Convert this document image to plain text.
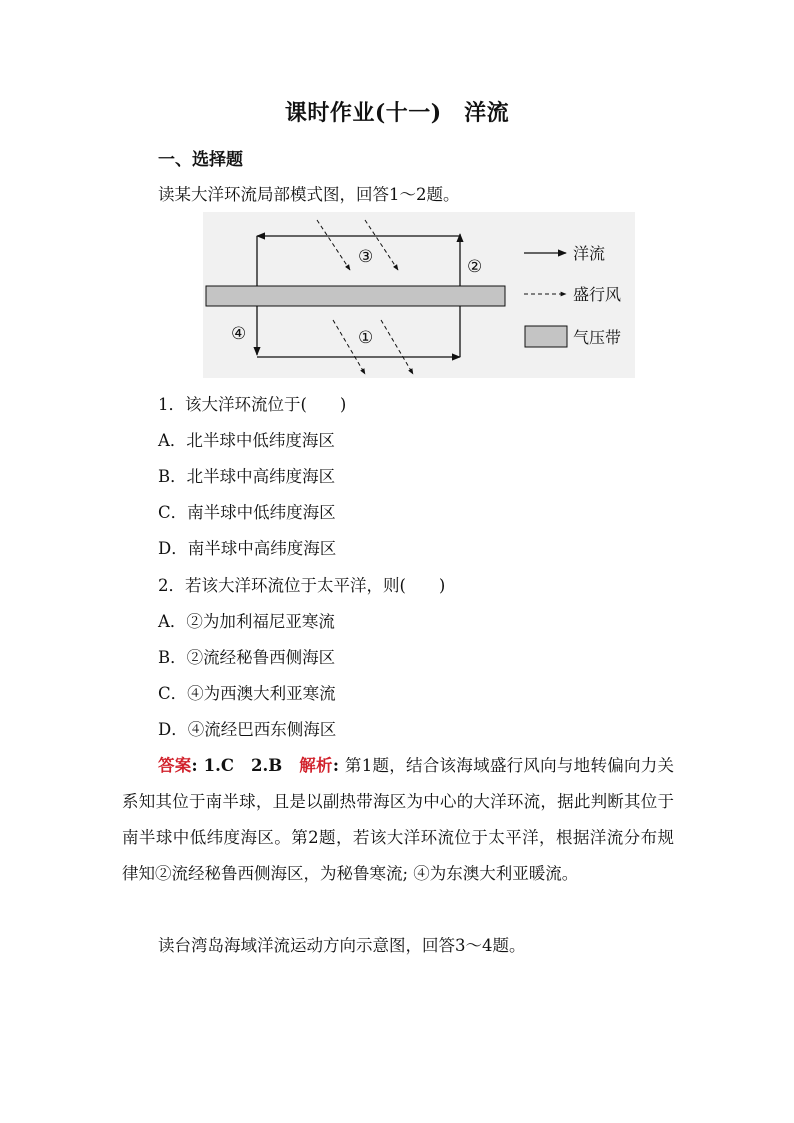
课时作业(十一)　洋流
一、选择题
读某大洋环流局部模式图，回答1～2题。
③	②
④	①
洋流
盛行风
气压带
1．该大洋环流位于(　　)
A．北半球中低纬度海区
B．北半球中高纬度海区
C．南半球中低纬度海区
D．南半球中高纬度海区
2．若该大洋环流位于太平洋，则(　　)
A．②为加利福尼亚寒流
B．②流经秘鲁西侧海区
C．④为西澳大利亚寒流
D．④流经巴西东侧海区
答案: 1.C　2.B　解析: 第1题，结合该海域盛行风向与地转偏向力关系知其位于南半球，且是以副热带海区为中心的大洋环流，据此判断其位于南半球中低纬度海区。第2题，若该大洋环流位于太平洋，根据洋流分布规律知②流经秘鲁西侧海区，为秘鲁寒流; ④为东澳大利亚暖流。
读台湾岛海域洋流运动方向示意图，回答3～4题。
